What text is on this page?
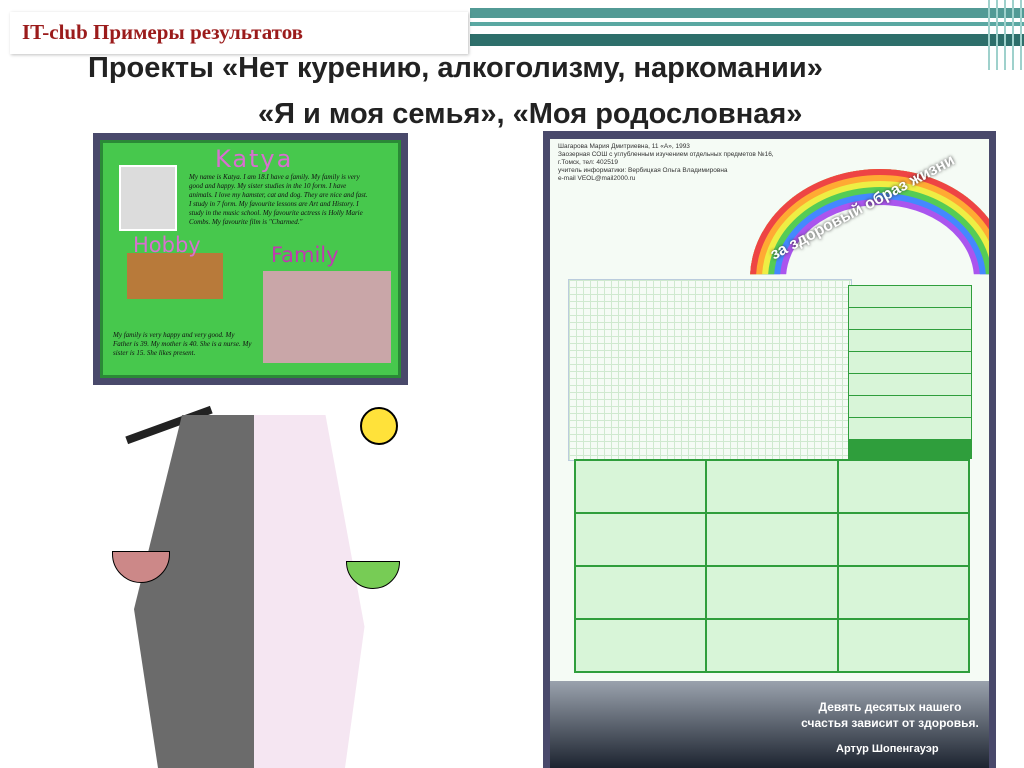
IT-club Примеры результатов
Проекты «Нет курению, алкоголизму, наркомании»
«Я и моя семья», «Моя родословная»
Katya
My name is Katya. I am 18.I have a family. My family is very good and happy. My sister studies in the 10 form. I have animals. I love my hamster, cat and dog. They are nice and fast. I study in 7 form. My favourite lessons are Art and History. I study in the music school. My favourite actress is Holly Marie Combs. My favourite film is "Charmed."
Hobby	Family
My family is very happy and very good. My Father is 39. My mother is 40. She is a nurse. My sister is 15. She likes present.
Шагарова Мария Дмитриевна, 11 «А», 1993
Заозерная СОШ с углубленным изучением отдельных предметов №16, г.Томск, тел: 402519
учитель информатики: Вербицкая Ольга Владимировна
e-mail VEOL@mail2000.ru	за здоровый образ жизни
Девять десятых нашего счастья зависит от здоровья.
Артур Шопенгауэр
